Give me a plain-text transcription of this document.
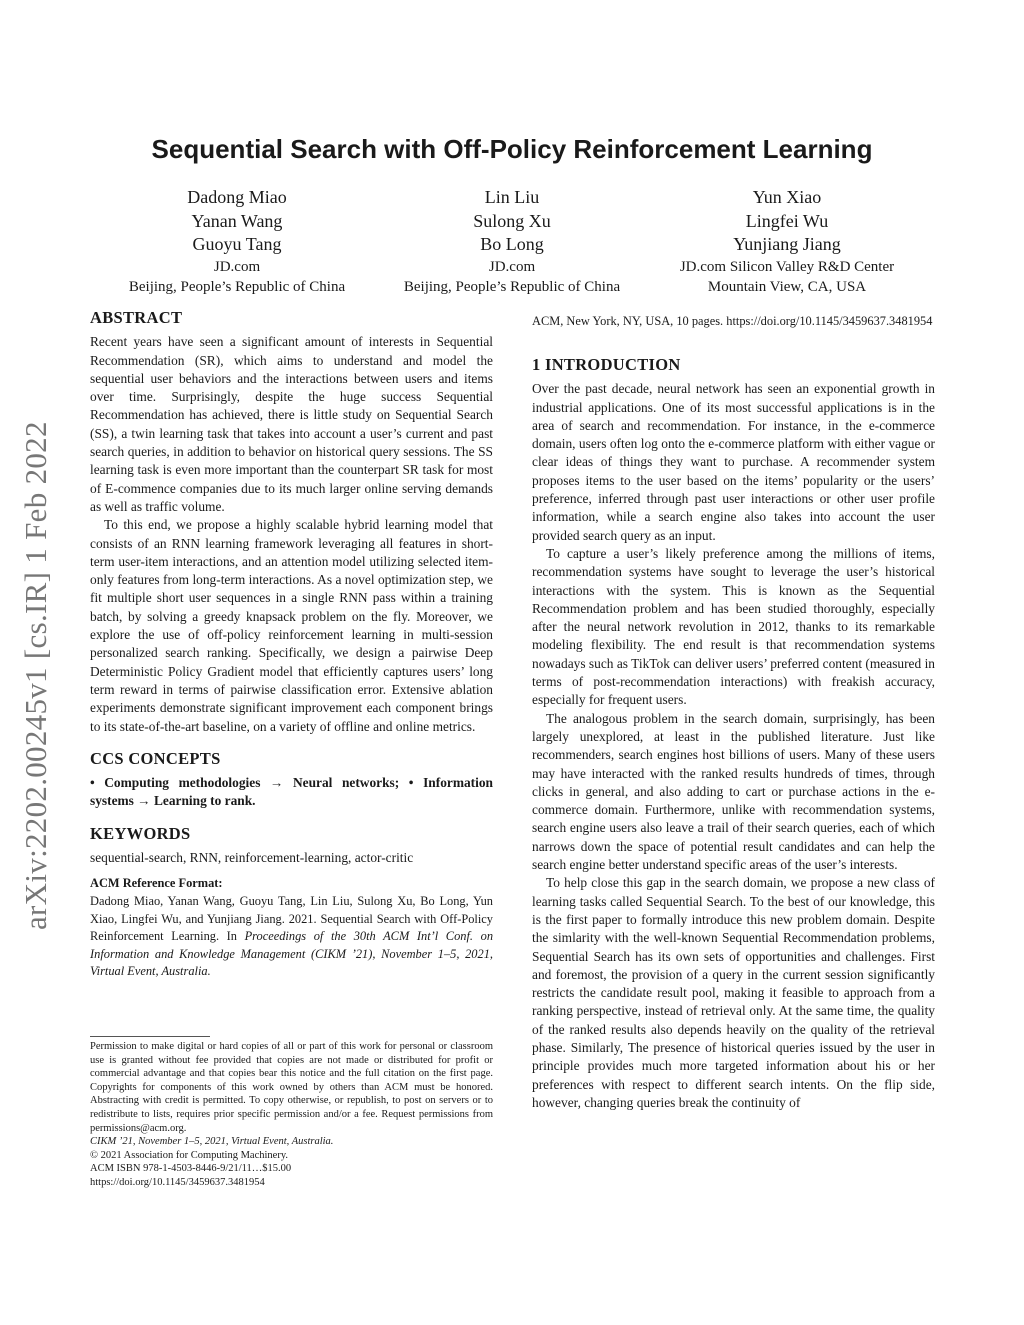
arXiv:2202.00245v1 [cs.IR] 1 Feb 2022
Sequential Search with Off-Policy Reinforcement Learning
Dadong Miao
Yanan Wang
Guoyu Tang
JD.com
Beijing, People’s Republic of China
Lin Liu
Sulong Xu
Bo Long
JD.com
Beijing, People’s Republic of China
Yun Xiao
Lingfei Wu
Yunjiang Jiang
JD.com Silicon Valley R&D Center
Mountain View, CA, USA
ABSTRACT

Recent years have seen a significant amount of interests in Sequential Recommendation (SR), which aims to understand and model the sequential user behaviors and the interactions between users and items over time. Surprisingly, despite the huge success Sequential Recommendation has achieved, there is little study on Sequential Search (SS), a twin learning task that takes into account a user’s current and past search queries, in addition to behavior on historical query sessions. The SS learning task is even more important than the counterpart SR task for most of E-commence companies due to its much larger online serving demands as well as traffic volume.

To this end, we propose a highly scalable hybrid learning model that consists of an RNN learning framework leveraging all features in short-term user-item interactions, and an attention model utilizing selected item-only features from long-term interactions. As a novel optimization step, we fit multiple short user sequences in a single RNN pass within a training batch, by solving a greedy knapsack problem on the fly. Moreover, we explore the use of off-policy reinforcement learning in multi-session personalized search ranking. Specifically, we design a pairwise Deep Deterministic Policy Gradient model that efficiently captures users’ long term reward in terms of pairwise classification error. Extensive ablation experiments demonstrate significant improvement each component brings to its state-of-the-art baseline, on a variety of offline and online metrics.

CCS CONCEPTS

• Computing methodologies → Neural networks; • Information systems → Learning to rank.

KEYWORDS

sequential-search, RNN, reinforcement-learning, actor-critic

ACM Reference Format:
Dadong Miao, Yanan Wang, Guoyu Tang, Lin Liu, Sulong Xu, Bo Long, Yun Xiao, Lingfei Wu, and Yunjiang Jiang. 2021. Sequential Search with Off-Policy Reinforcement Learning. In Proceedings of the 30th ACM Int’l Conf. on Information and Knowledge Management (CIKM ’21), November 1–5, 2021, Virtual Event, Australia.
Permission to make digital or hard copies of all or part of this work for personal or classroom use is granted without fee provided that copies are not made or distributed for profit or commercial advantage and that copies bear this notice and the full citation on the first page. Copyrights for components of this work owned by others than ACM must be honored. Abstracting with credit is permitted. To copy otherwise, or republish, to post on servers or to redistribute to lists, requires prior specific permission and/or a fee. Request permissions from permissions@acm.org.
CIKM ’21, November 1–5, 2021, Virtual Event, Australia.
© 2021 Association for Computing Machinery.
ACM ISBN 978-1-4503-8446-9/21/11…$15.00
https://doi.org/10.1145/3459637.3481954
ACM, New York, NY, USA, 10 pages. https://doi.org/10.1145/3459637.3481954
1 INTRODUCTION

Over the past decade, neural network has seen an exponential growth in industrial applications. One of its most successful applications is in the area of search and recommendation. For instance, in the e-commerce domain, users often log onto the e-commerce platform with either vague or clear ideas of things they want to purchase. A recommender system proposes items to the user based on the items’ popularity or the users’ preference, inferred through past user interactions or other user profile information, while a search engine also takes into account the user provided search query as an input.

To capture a user’s likely preference among the millions of items, recommendation systems have sought to leverage the user’s historical interactions with the system. This is known as the Sequential Recommendation problem and has been studied thoroughly, especially after the neural network revolution in 2012, thanks to its remarkable modeling flexibility. The end result is that recommendation systems nowadays such as TikTok can deliver users’ preferred content (measured in terms of post-recommendation interactions) with freakish accuracy, especially for frequent users.

The analogous problem in the search domain, surprisingly, has been largely unexplored, at least in the published literature. Just like recommenders, search engines host billions of users. Many of these users may have interacted with the ranked results hundreds of times, through clicks in general, and also adding to cart or purchase actions in the e-commerce domain. Furthermore, unlike with recommendation systems, search engine users also leave a trail of their search queries, each of which narrows down the space of potential result candidates and can help the search engine better understand specific areas of the user’s interests.

To help close this gap in the search domain, we propose a new class of learning tasks called Sequential Search. To the best of our knowledge, this is the first paper to formally introduce this new problem domain. Despite the simlarity with the well-known Sequential Recommendation problems, Sequential Search has its own sets of opportunities and challenges. First and foremost, the provision of a query in the current session significantly restricts the candidate result pool, making it feasible to approach from a ranking perspective, instead of retrieval only. At the same time, the quality of the ranked results also depends heavily on the quality of the retrieval phase. Similarly, The presence of historical queries issued by the user in principle provides much more targeted information about his or her preferences with respect to different search intents. On the flip side, however, changing queries break the continuity of
